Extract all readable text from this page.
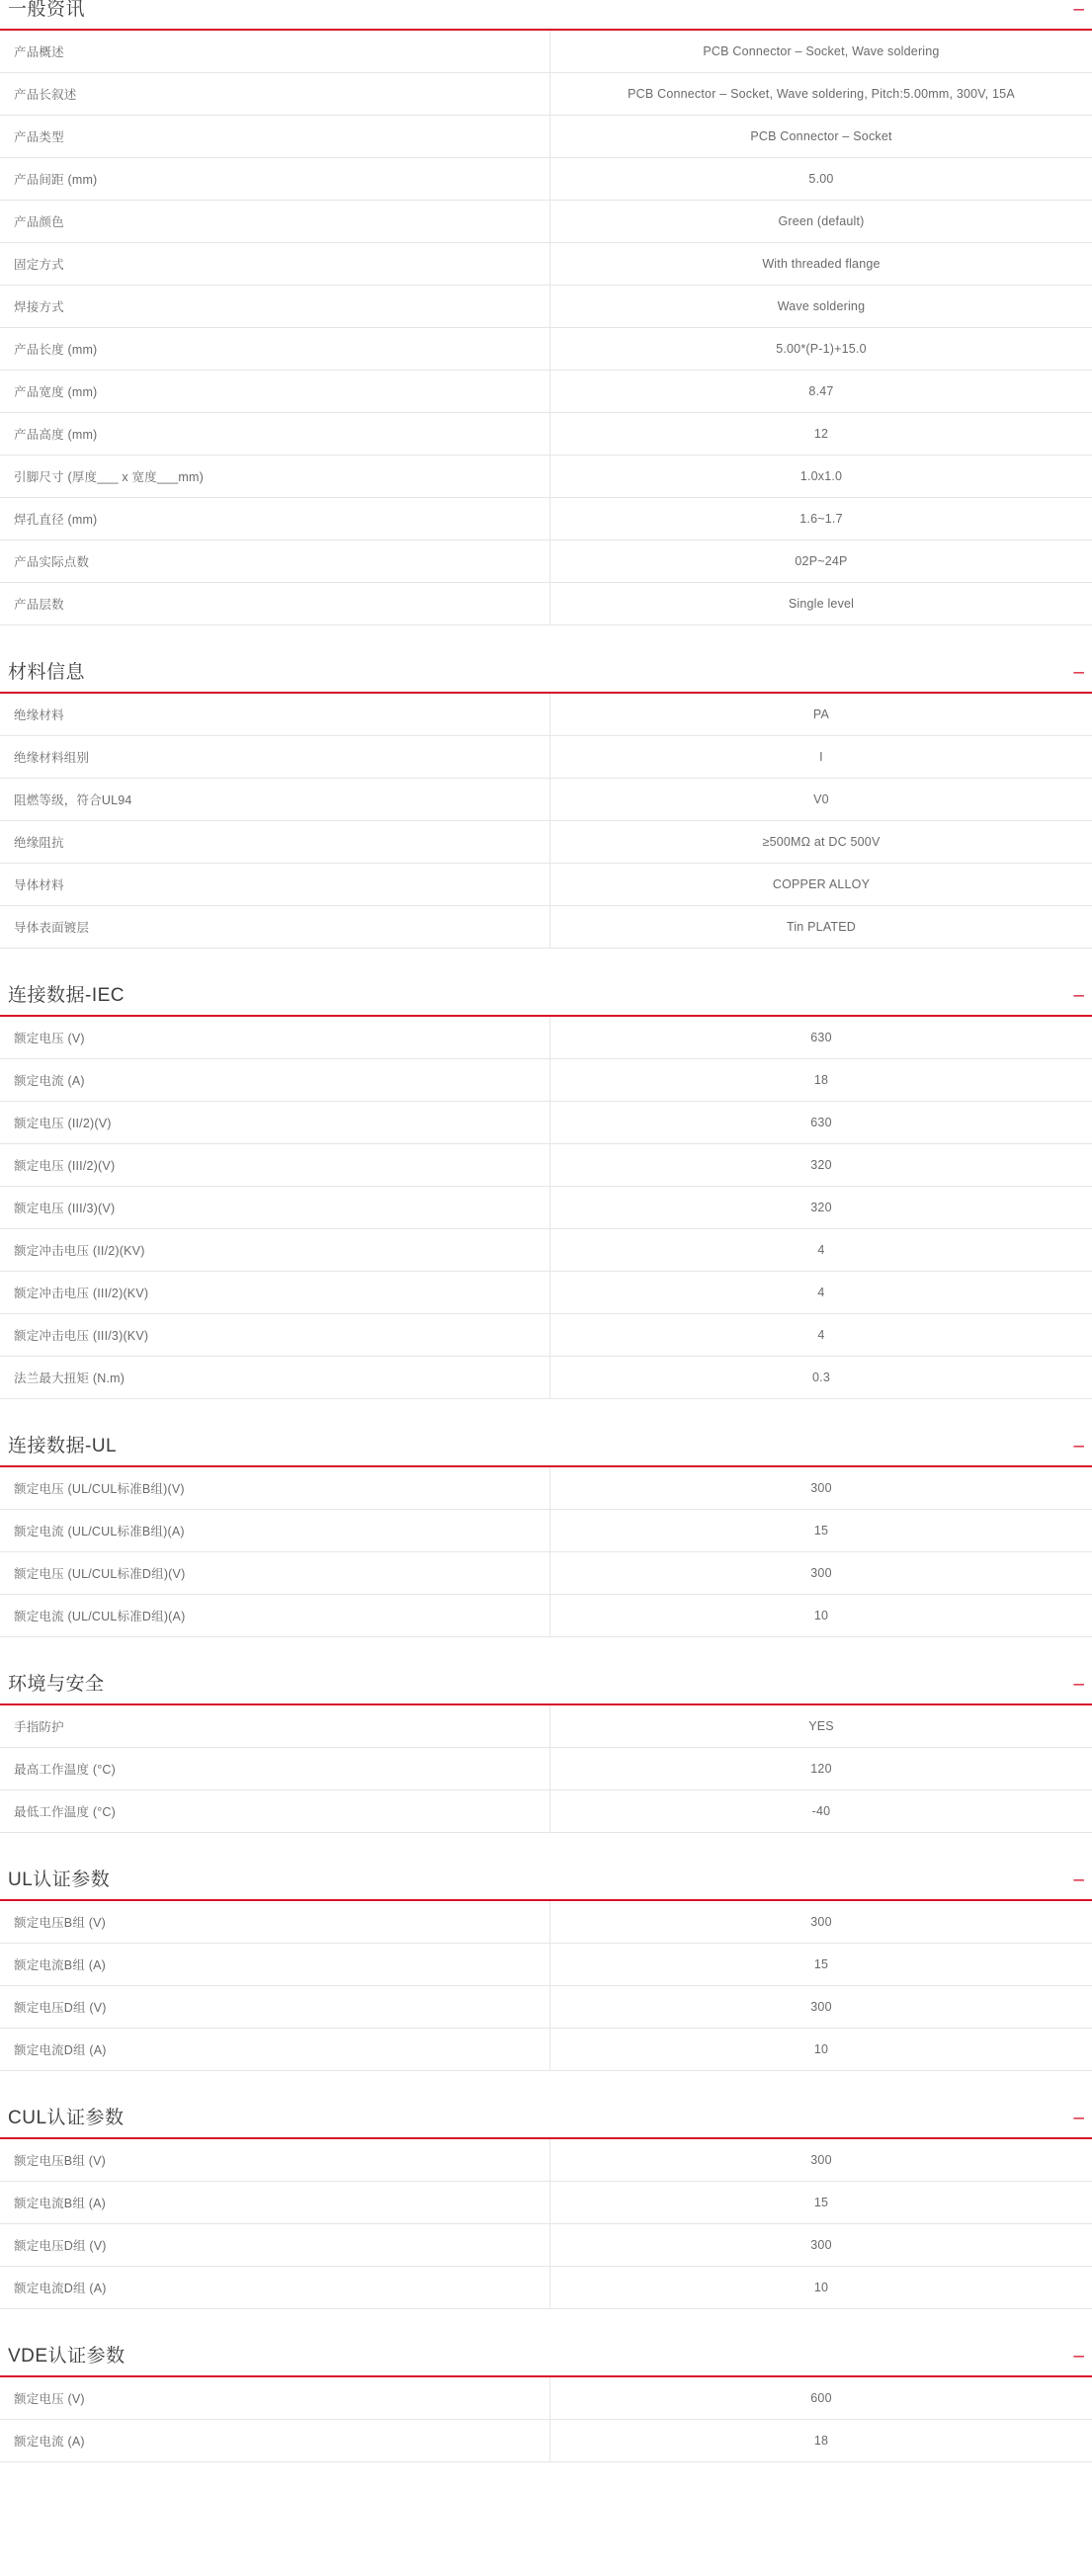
一般资讯	–
产品概述	PCB Connector – Socket, Wave soldering
产品长叙述	PCB Connector – Socket, Wave soldering, Pitch:5.00mm, 300V, 15A
产品类型	PCB Connector – Socket
产品间距 (mm)	5.00
产品颜色	Green (default)
固定方式	With threaded flange
焊接方式	Wave soldering
产品长度 (mm)	5.00*(P-1)+15.0
产品宽度 (mm)	8.47
产品高度 (mm)	12
引脚尺寸 (厚度___ x 宽度___mm)	1.0x1.0
焊孔直径 (mm)	1.6~1.7
产品实际点数	02P~24P
产品层数	Single level
材料信息	–
绝缘材料	PA
绝缘材料组别	I
阻燃等级，符合UL94	V0
绝缘阻抗	≥500MΩ at DC 500V
导体材料	COPPER ALLOY
导体表面镀层	Tin PLATED
连接数据-IEC	–
额定电压 (V)	630
额定电流 (A)	18
额定电压 (II/2)(V)	630
额定电压 (III/2)(V)	320
额定电压 (III/3)(V)	320
额定冲击电压 (II/2)(KV)	4
额定冲击电压 (III/2)(KV)	4
额定冲击电压 (III/3)(KV)	4
法兰最大扭矩 (N.m)	0.3
连接数据-UL	–
额定电压 (UL/CUL标准B组)(V)	300
额定电流 (UL/CUL标准B组)(A)	15
额定电压 (UL/CUL标准D组)(V)	300
额定电流 (UL/CUL标准D组)(A)	10
环境与安全	–
手指防护	YES
最高工作温度 (°C)	120
最低工作温度 (°C)	-40
UL认证参数	–
额定电压B组 (V)	300
额定电流B组 (A)	15
额定电压D组 (V)	300
额定电流D组 (A)	10
CUL认证参数	–
额定电压B组 (V)	300
额定电流B组 (A)	15
额定电压D组 (V)	300
额定电流D组 (A)	10
VDE认证参数	–
额定电压 (V)	600
额定电流 (A)	18
